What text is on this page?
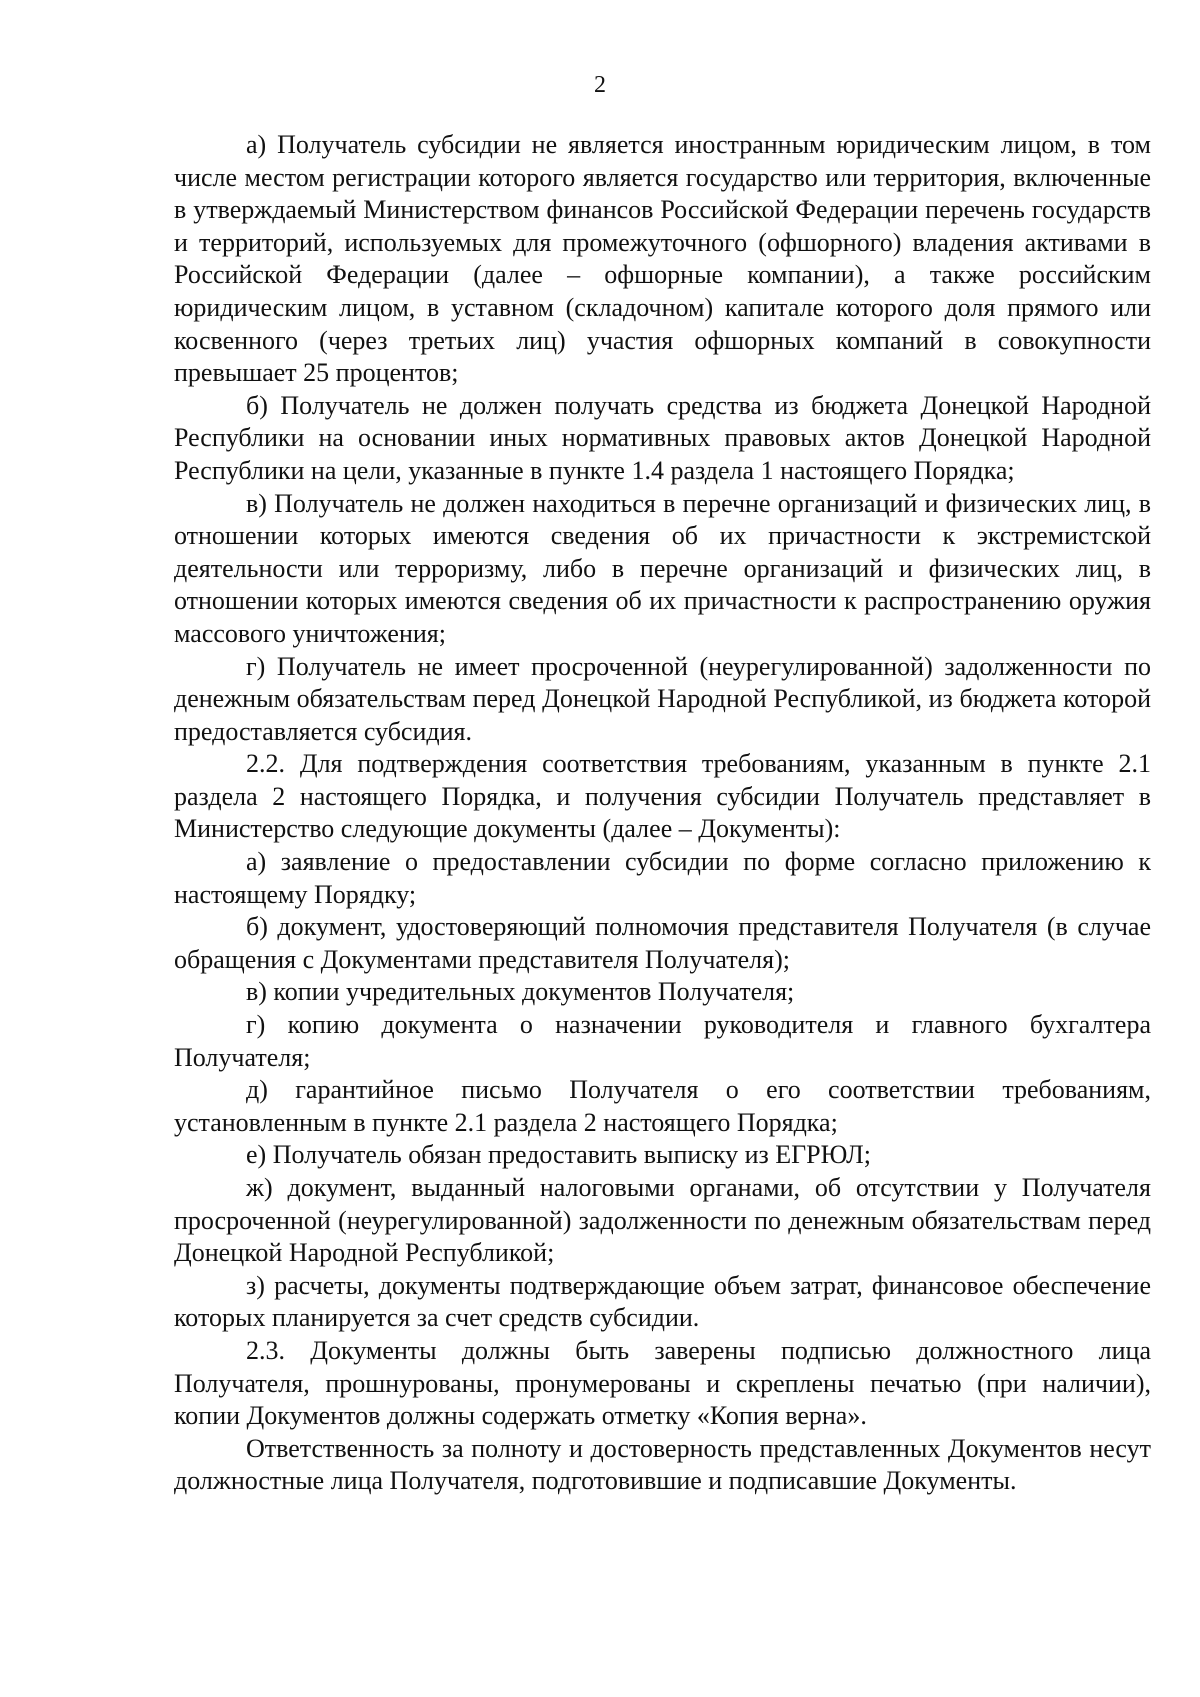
2

а) Получатель субсидии не является иностранным юридическим лицом, в том числе местом регистрации которого является государство или территория, включенные в утверждаемый Министерством финансов Российской Федерации перечень государств и территорий, используемых для промежуточного (офшорного) владения активами в Российской Федерации (далее – офшорные компании), а также российским юридическим лицом, в уставном (складочном) капитале которого доля прямого или косвенного (через третьих лиц) участия офшорных компаний в совокупности превышает 25 процентов;

б) Получатель не должен получать средства из бюджета Донецкой Народной Республики на основании иных нормативных правовых актов Донецкой Народной Республики на цели, указанные в пункте 1.4 раздела 1 настоящего Порядка;

в) Получатель не должен находиться в перечне организаций и физических лиц, в отношении которых имеются сведения об их причастности к экстремистской деятельности или терроризму, либо в перечне организаций и физических лиц, в отношении которых имеются сведения об их причастности к распространению оружия массового уничтожения;

г) Получатель не имеет просроченной (неурегулированной) задолженности по денежным обязательствам перед Донецкой Народной Республикой, из бюджета которой предоставляется субсидия.

2.2. Для подтверждения соответствия требованиям, указанным в пункте 2.1 раздела 2 настоящего Порядка, и получения субсидии Получатель представляет в Министерство следующие документы (далее – Документы):

а) заявление о предоставлении субсидии по форме согласно приложению к настоящему Порядку;

б) документ, удостоверяющий полномочия представителя Получателя (в случае обращения с Документами представителя Получателя);

в) копии учредительных документов Получателя;

г) копию документа о назначении руководителя и главного бухгалтера Получателя;

д) гарантийное письмо Получателя о его соответствии требованиям, установленным в пункте 2.1 раздела 2 настоящего Порядка;

е) Получатель обязан предоставить выписку из ЕГРЮЛ;

ж) документ, выданный налоговыми органами, об отсутствии у Получателя просроченной (неурегулированной) задолженности по денежным обязательствам перед Донецкой Народной Республикой;

з) расчеты, документы подтверждающие объем затрат, финансовое обеспечение которых планируется за счет средств субсидии.

2.3. Документы должны быть заверены подписью должностного лица Получателя, прошнурованы, пронумерованы и скреплены печатью (при наличии), копии Документов должны содержать отметку «Копия верна».

Ответственность за полноту и достоверность представленных Документов несут должностные лица Получателя, подготовившие и подписавшие Документы.
